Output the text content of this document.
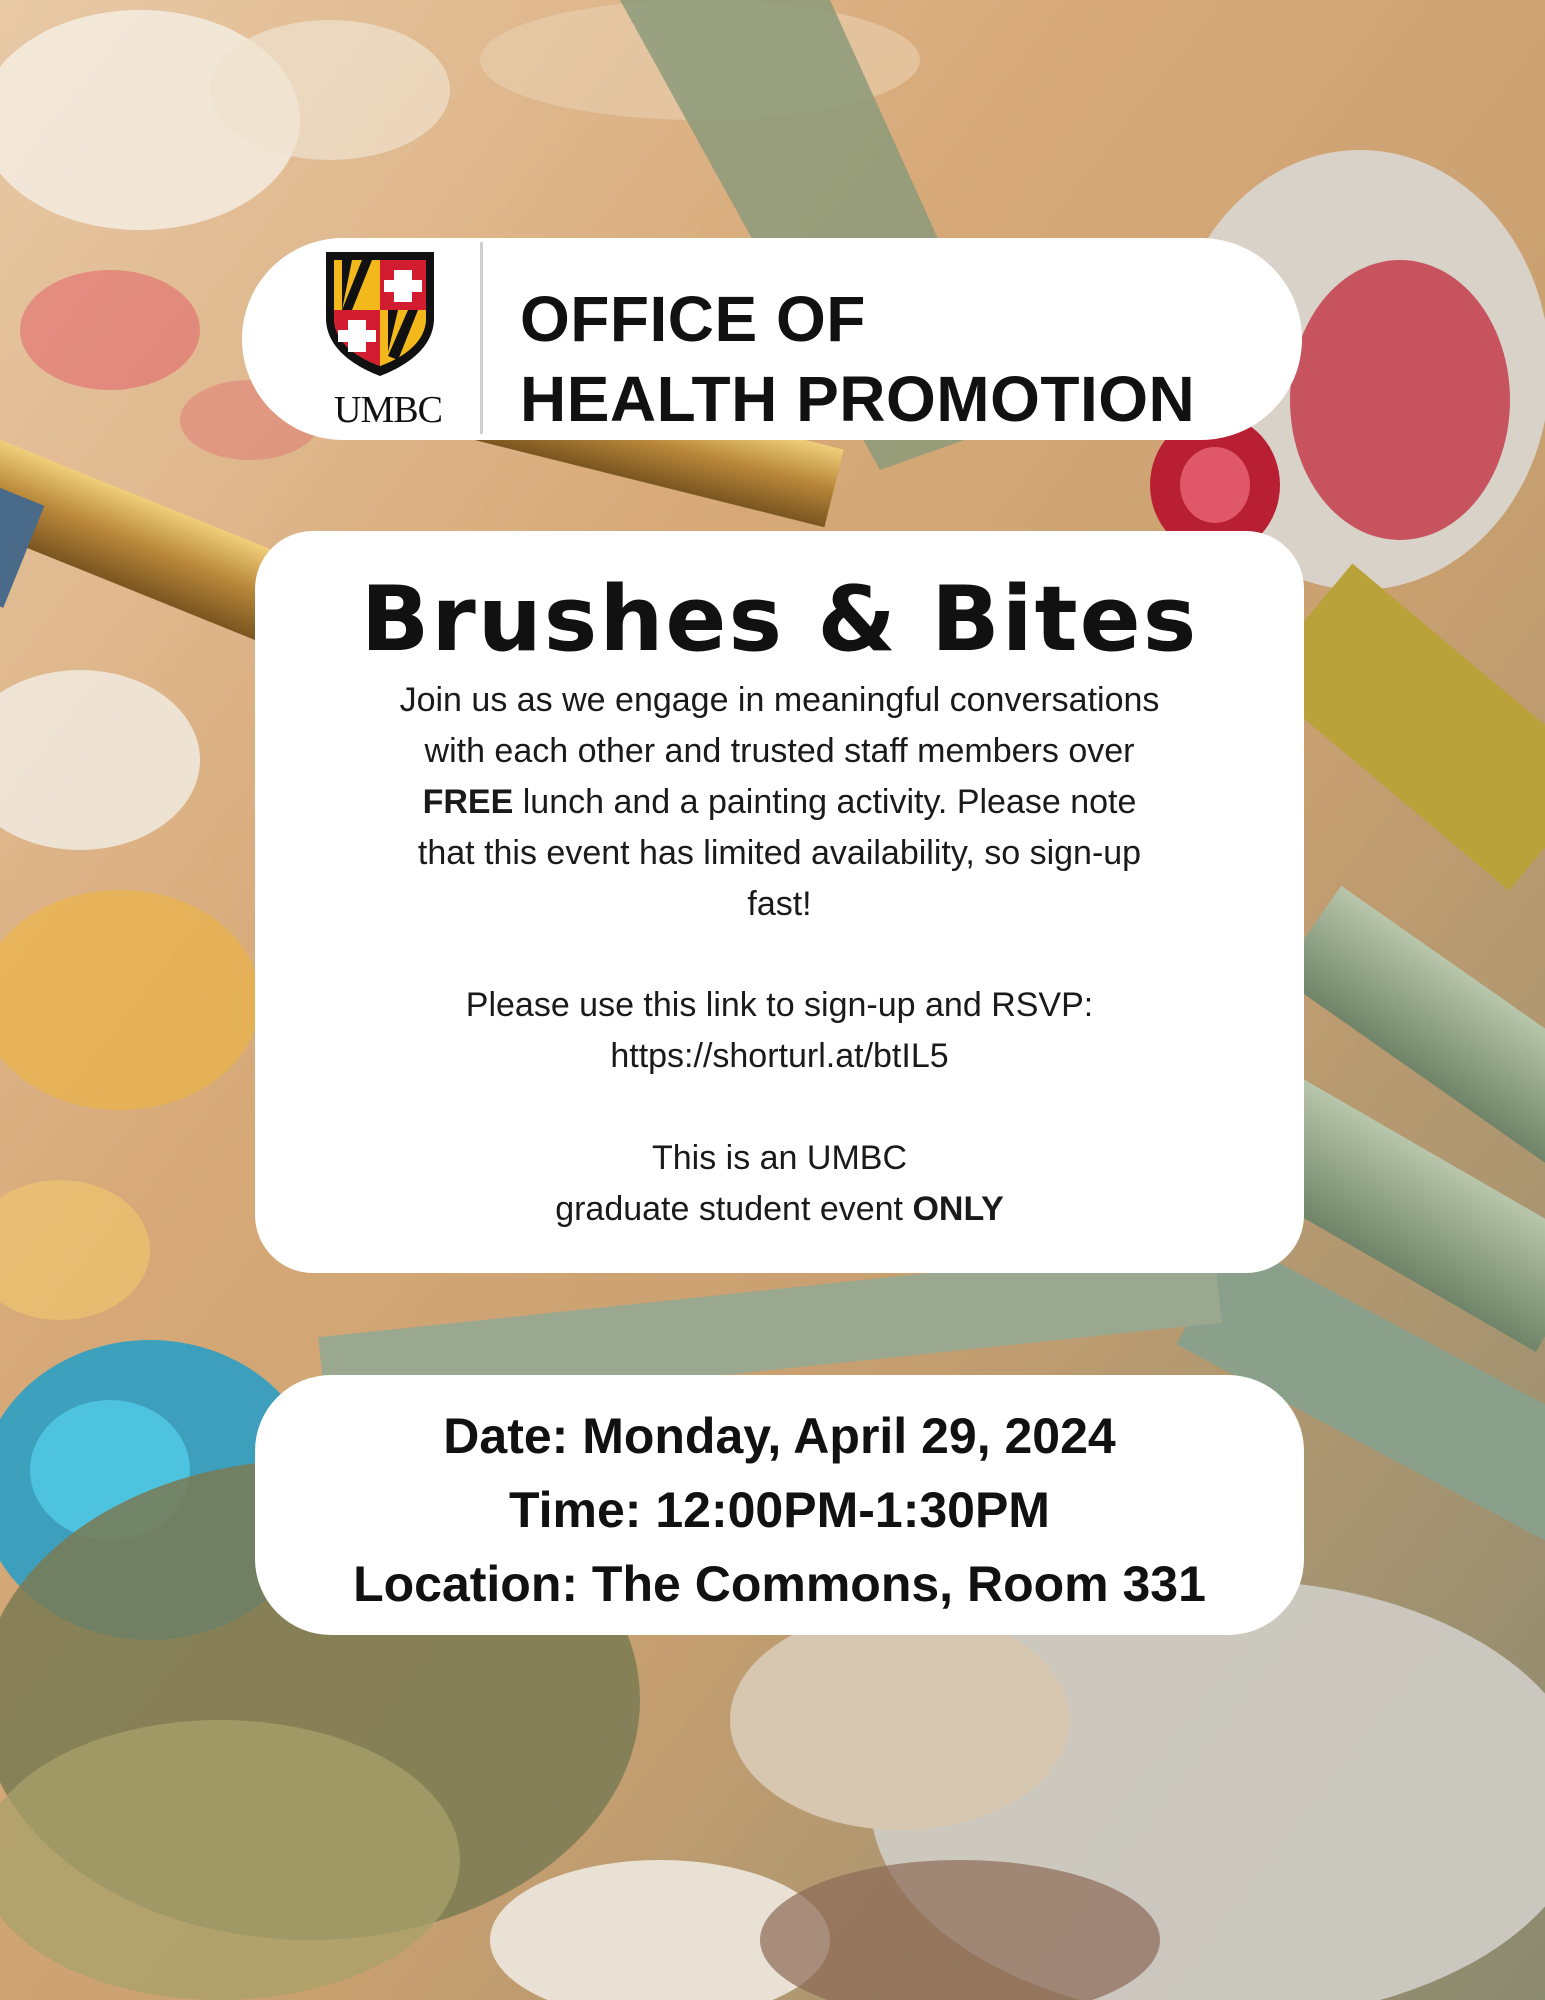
UMBC
OFFICE OF
HEALTH PROMOTION
Brushes & Bites
Join us as we engage in meaningful conversations
with each other and trusted staff members over
FREE lunch and a painting activity. Please note
that this event has limited availability, so sign-up
fast!
Please use this link to sign-up and RSVP:
https://shorturl.at/btIL5
This is an UMBC
graduate student event ONLY
Date: Monday, April 29, 2024
Time: 12:00PM-1:30PM
Location: The Commons, Room 331
